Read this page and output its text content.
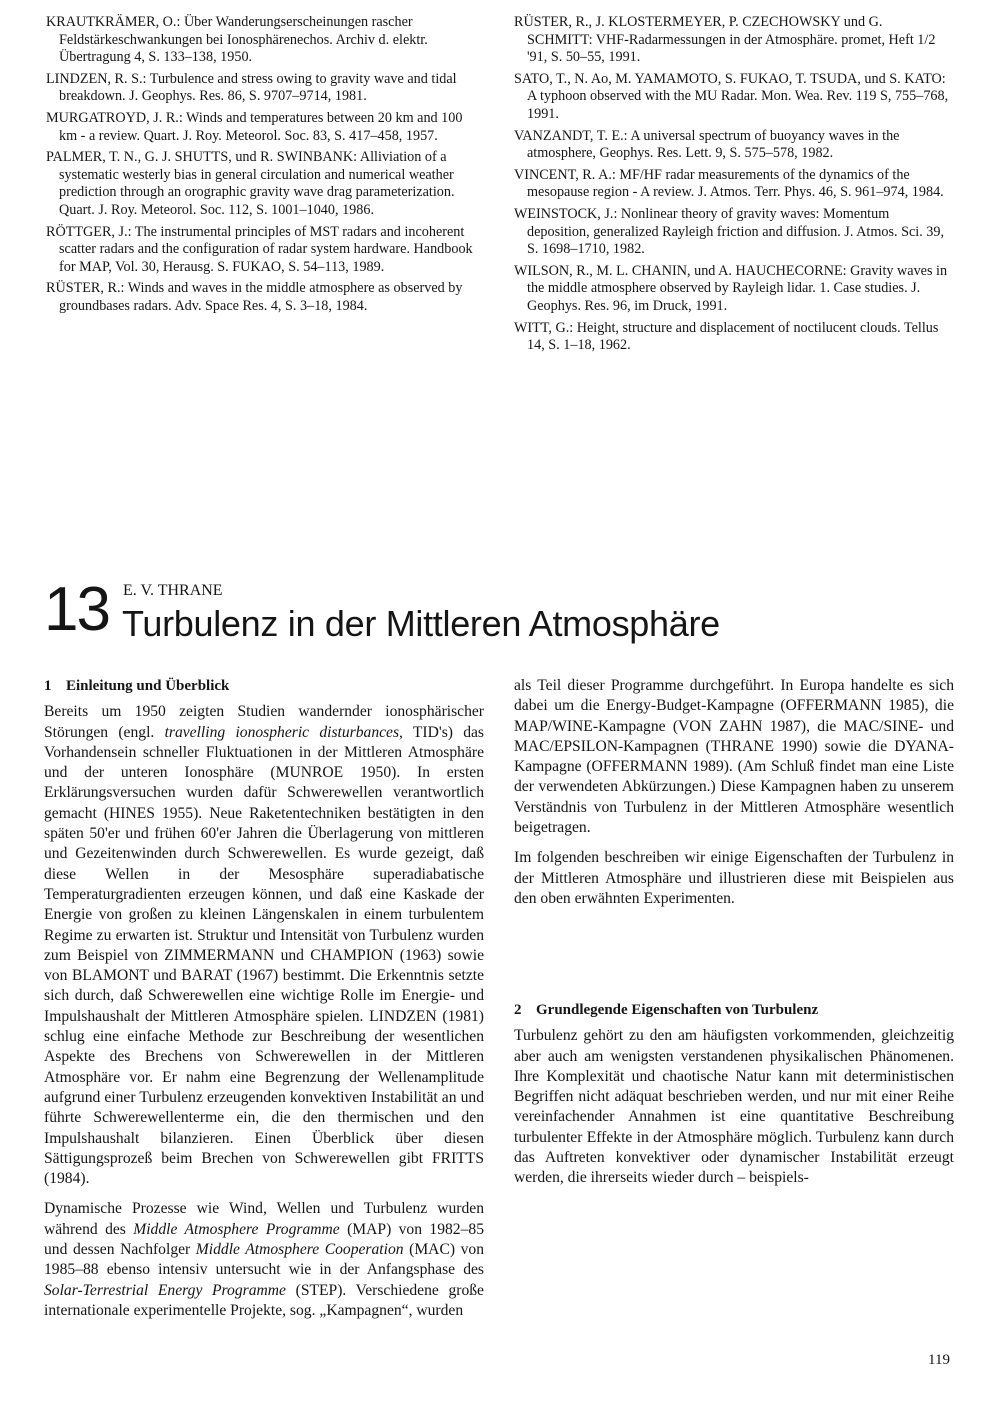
KRAUTKRÄMER, O.: Über Wanderungserscheinungen rascher Feldstärkeschwankungen bei Ionosphärenechos. Archiv d. elektr. Übertragung 4, S. 133–138, 1950.

LINDZEN, R. S.: Turbulence and stress owing to gravity wave and tidal breakdown. J. Geophys. Res. 86, S. 9707–9714, 1981.

MURGATROYD, J. R.: Winds and temperatures between 20 km and 100 km - a review. Quart. J. Roy. Meteorol. Soc. 83, S. 417–458, 1957.

PALMER, T. N., G. J. SHUTTS, und R. SWINBANK: Alliviation of a systematic westerly bias in general circulation and numerical weather prediction through an orographic gravity wave drag parameterization. Quart. J. Roy. Meteorol. Soc. 112, S. 1001–1040, 1986.

RÖTTGER, J.: The instrumental principles of MST radars and incoherent scatter radars and the configuration of radar system hardware. Handbook for MAP, Vol. 30, Herausg. S. FUKAO, S. 54–113, 1989.

RÜSTER, R.: Winds and waves in the middle atmosphere as observed by groundbases radars. Adv. Space Res. 4, S. 3–18, 1984.

RÜSTER, R., J. KLOSTERMEYER, P. CZECHOWSKY und G. SCHMITT: VHF-Radarmessungen in der Atmosphäre. promet, Heft 1/2 '91, S. 50–55, 1991.

SATO, T., N. Ao, M. YAMAMOTO, S. FUKAO, T. TSUDA, und S. KATO: A typhoon observed with the MU Radar. Mon. Wea. Rev. 119 S, 755–768, 1991.

VANZANDT, T. E.: A universal spectrum of buoyancy waves in the atmosphere, Geophys. Res. Lett. 9, S. 575–578, 1982.

VINCENT, R. A.: MF/HF radar measurements of the dynamics of the mesopause region - A review. J. Atmos. Terr. Phys. 46, S. 961–974, 1984.

WEINSTOCK, J.: Nonlinear theory of gravity waves: Momentum deposition, generalized Rayleigh friction and diffusion. J. Atmos. Sci. 39, S. 1698–1710, 1982.

WILSON, R., M. L. CHANIN, und A. HAUCHECORNE: Gravity waves in the middle atmosphere observed by Rayleigh lidar. 1. Case studies. J. Geophys. Res. 96, im Druck, 1991.

WITT, G.: Height, structure and displacement of noctilucent clouds. Tellus 14, S. 1–18, 1962.

13 E. V. THRANE
Turbulenz in der Mittleren Atmosphäre
1 Einleitung und Überblick

Bereits um 1950 zeigten Studien wandernder ionosphärischer Störungen (engl. travelling ionospheric disturbances, TID's) das Vorhandensein schneller Fluktuationen in der Mittleren Atmosphäre und der unteren Ionosphäre (MUNROE 1950). In ersten Erklärungsversuchen wurden dafür Schwerewellen verantwortlich gemacht (HINES 1955). Neue Raketentechniken bestätigten in den späten 50'er und frühen 60'er Jahren die Überlagerung von mittleren und Gezeitenwinden durch Schwerewellen. Es wurde gezeigt, daß diese Wellen in der Mesosphäre superadiabatische Temperaturgradienten erzeugen können, und daß eine Kaskade der Energie von großen zu kleinen Längenskalen in einem turbulentem Regime zu erwarten ist. Struktur und Intensität von Turbulenz wurden zum Beispiel von ZIMMERMANN und CHAMPION (1963) sowie von BLAMONT und BARAT (1967) bestimmt. Die Erkenntnis setzte sich durch, daß Schwerewellen eine wichtige Rolle im Energie- und Impulshaushalt der Mittleren Atmosphäre spielen. LINDZEN (1981) schlug eine einfache Methode zur Beschreibung der wesentlichen Aspekte des Brechens von Schwerewellen in der Mittleren Atmosphäre vor. Er nahm eine Begrenzung der Wellenamplitude aufgrund einer Turbulenz erzeugenden konvektiven Instabilität an und führte Schwerewellenterme ein, die den thermischen und den Impulshaushalt bilanzieren. Einen Überblick über diesen Sättigungsprozeß beim Brechen von Schwerewellen gibt FRITTS (1984).

Dynamische Prozesse wie Wind, Wellen und Turbulenz wurden während des Middle Atmosphere Programme (MAP) von 1982–85 und dessen Nachfolger Middle Atmosphere Cooperation (MAC) von 1985–88 ebenso intensiv untersucht wie in der Anfangsphase des Solar-Terrestrial Energy Programme (STEP). Verschiedene große internationale experimentelle Projekte, sog. „Kampagnen“, wurden

2 Grundlegende Eigenschaften von Turbulenz

Turbulenz gehört zu den am häufigsten vorkommenden, gleichzeitig aber auch am wenigsten verstandenen physikalischen Phänomenen. Ihre Komplexität und chaotische Natur kann mit deterministischen Begriffen nicht adäquat beschrieben werden, und nur mit einer Reihe vereinfachender Annahmen ist eine quantitative Beschreibung turbulenter Effekte in der Atmosphäre möglich. Turbulenz kann durch das Auftreten konvektiver oder dynamischer Instabilität erzeugt werden, die ihrerseits wieder durch – beispiels-

119

als Teil dieser Programme durchgeführt. In Europa handelte es sich dabei um die Energy-Budget-Kampagne (OFFERMANN 1985), die MAP/WINE-Kampagne (VON ZAHN 1987), die MAC/SINE- und MAC/EPSILON-Kampagnen (THRANE 1990) sowie die DYANA-Kampagne (OFFERMANN 1989). (Am Schluß findet man eine Liste der verwendeten Abkürzungen.) Diese Kampagnen haben zu unserem Verständnis von Turbulenz in der Mittleren Atmosphäre wesentlich beigetragen.

Im folgenden beschreiben wir einige Eigenschaften der Turbulenz in der Mittleren Atmosphäre und illustrieren diese mit Beispielen aus den oben erwähnten Experimenten.
